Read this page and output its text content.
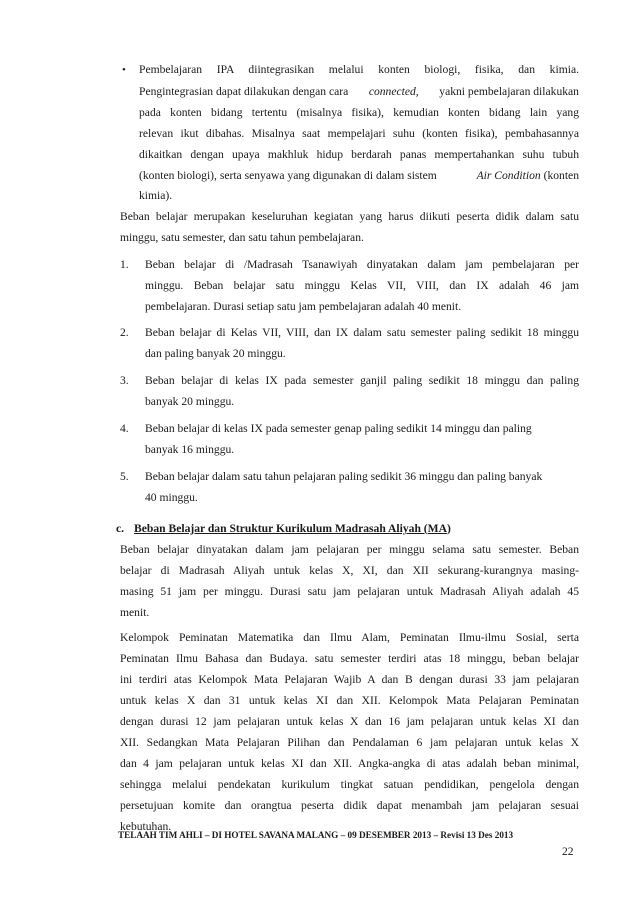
• Pembelajaran IPA diintegrasikan melalui konten biologi, fisika, dan kimia.
Pengintegrasian dapat dilakukan dengan cara connected, yakni pembelajaran dilakukan
pada konten bidang tertentu (misalnya fisika), kemudian konten bidang lain yang
relevan ikut dibahas. Misalnya saat mempelajari suhu (konten fisika), pembahasannya
dikaitkan dengan upaya makhluk hidup berdarah panas mempertahankan suhu tubuh
(konten biologi), serta senyawa yang digunakan di dalam sistem	Air Condition (konten
kimia).
Beban belajar merupakan keseluruhan kegiatan yang harus diikuti peserta didik dalam satu
minggu, satu semester, dan satu tahun pembelajaran.
1. Beban belajar di /Madrasah Tsanawiyah dinyatakan dalam jam pembelajaran per
minggu. Beban belajar satu minggu Kelas VII, VIII, dan IX adalah 46 jam
pembelajaran. Durasi setiap satu jam pembelajaran adalah 40 menit.
2. Beban belajar di Kelas VII, VIII, dan IX dalam satu semester paling sedikit 18 minggu
dan paling banyak 20 minggu.
3. Beban belajar di kelas IX pada semester ganjil paling sedikit 18 minggu dan paling
banyak 20 minggu.
4. Beban belajar di kelas IX pada semester genap paling sedikit 14 minggu dan paling
banyak 16 minggu.
5. Beban belajar dalam satu tahun pelajaran paling sedikit 36 minggu dan paling banyak
40 minggu.
c. Beban Belajar dan Struktur Kurikulum Madrasah Aliyah (MA)
Beban belajar dinyatakan dalam jam pelajaran per minggu selama satu semester. Beban
belajar di Madrasah Aliyah untuk kelas X, XI, dan XII sekurang-kurangnya masing-
masing 51 jam per minggu. Durasi satu jam pelajaran untuk Madrasah Aliyah adalah 45
menit.
Kelompok Peminatan Matematika dan Ilmu Alam, Peminatan Ilmu-ilmu Sosial, serta
Peminatan Ilmu Bahasa dan Budaya. satu semester terdiri atas 18 minggu, beban belajar
ini terdiri atas Kelompok Mata Pelajaran Wajib A dan B dengan durasi 33 jam pelajaran
untuk kelas X dan 31 untuk kelas XI dan XII. Kelompok Mata Pelajaran Peminatan
dengan durasi 12 jam pelajaran untuk kelas X dan 16 jam pelajaran untuk kelas XI dan
XII. Sedangkan Mata Pelajaran Pilihan dan Pendalaman 6 jam pelajaran untuk kelas X
dan 4 jam pelajaran untuk kelas XI dan XII. Angka-angka di atas adalah beban minimal,
sehingga melalui pendekatan kurikulum tingkat satuan pendidikan, pengelola dengan
persetujuan komite dan orangtua peserta didik dapat menambah jam pelajaran sesuai
kebutuhan.
TELAAH TIM AHLI – DI HOTEL SAVANA MALANG – 09 DESEMBER 2013 – Revisi 13 Des 2013
22
